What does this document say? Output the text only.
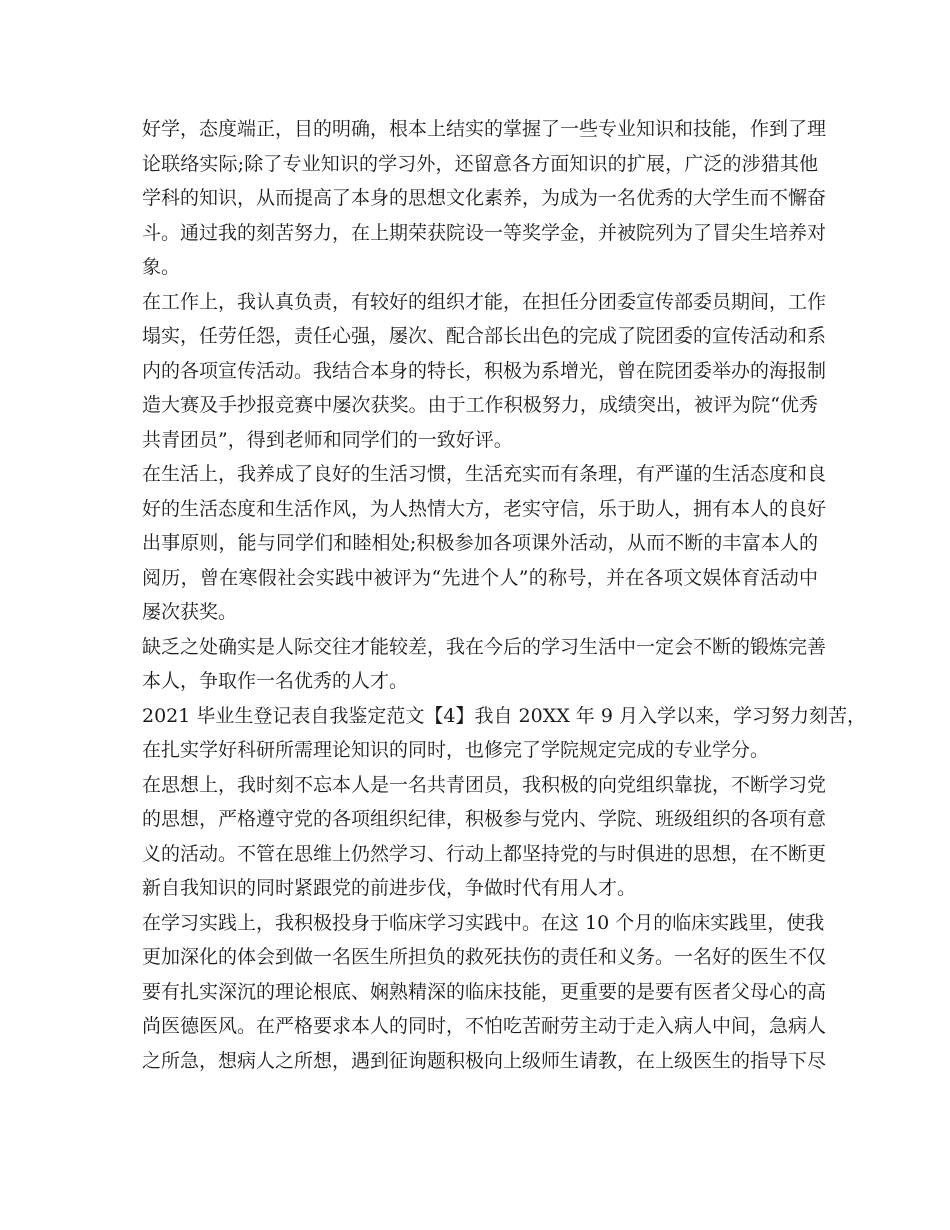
好学，态度端正，目的明确，根本上结实的掌握了一些专业知识和技能，作到了理
论联络实际;除了专业知识的学习外，还留意各方面知识的扩展，广泛的涉猎其他
学科的知识，从而提高了本身的思想文化素养，为成为一名优秀的大学生而不懈奋
斗。通过我的刻苦努力，在上期荣获院设一等奖学金，并被院列为了冒尖生培养对
象。
在工作上，我认真负责，有较好的组织才能，在担任分团委宣传部委员期间，工作
塌实，任劳任怨，责任心强，屡次、配合部长出色的完成了院团委的宣传活动和系
内的各项宣传活动。我结合本身的特长，积极为系增光，曾在院团委举办的海报制
造大赛及手抄报竞赛中屡次获奖。由于工作积极努力，成绩突出，被评为院“优秀
共青团员”，得到老师和同学们的一致好评。
在生活上，我养成了良好的生活习惯，生活充实而有条理，有严谨的生活态度和良
好的生活态度和生活作风，为人热情大方，老实守信，乐于助人，拥有本人的良好
出事原则，能与同学们和睦相处;积极参加各项课外活动，从而不断的丰富本人的
阅历，曾在寒假社会实践中被评为“先进个人”的称号，并在各项文娱体育活动中
屡次获奖。
缺乏之处确实是人际交往才能较差，我在今后的学习生活中一定会不断的锻炼完善
本人，争取作一名优秀的人才。
2021 毕业生登记表自我鉴定范文【4】我自 20XX 年 9 月入学以来，学习努力刻苦，
在扎实学好科研所需理论知识的同时，也修完了学院规定完成的专业学分。
在思想上，我时刻不忘本人是一名共青团员，我积极的向党组织靠拢，不断学习党
的思想，严格遵守党的各项组织纪律，积极参与党内、学院、班级组织的各项有意
义的活动。不管在思维上仍然学习、行动上都坚持党的与时俱进的思想，在不断更
新自我知识的同时紧跟党的前进步伐，争做时代有用人才。
在学习实践上，我积极投身于临床学习实践中。在这 10 个月的临床实践里，使我
更加深化的体会到做一名医生所担负的救死扶伤的责任和义务。一名好的医生不仅
要有扎实深沉的理论根底、娴熟精深的临床技能，更重要的是要有医者父母心的高
尚医德医风。在严格要求本人的同时，不怕吃苦耐劳主动于走入病人中间，急病人
之所急，想病人之所想，遇到征询题积极向上级师生请教，在上级医生的指导下尽
